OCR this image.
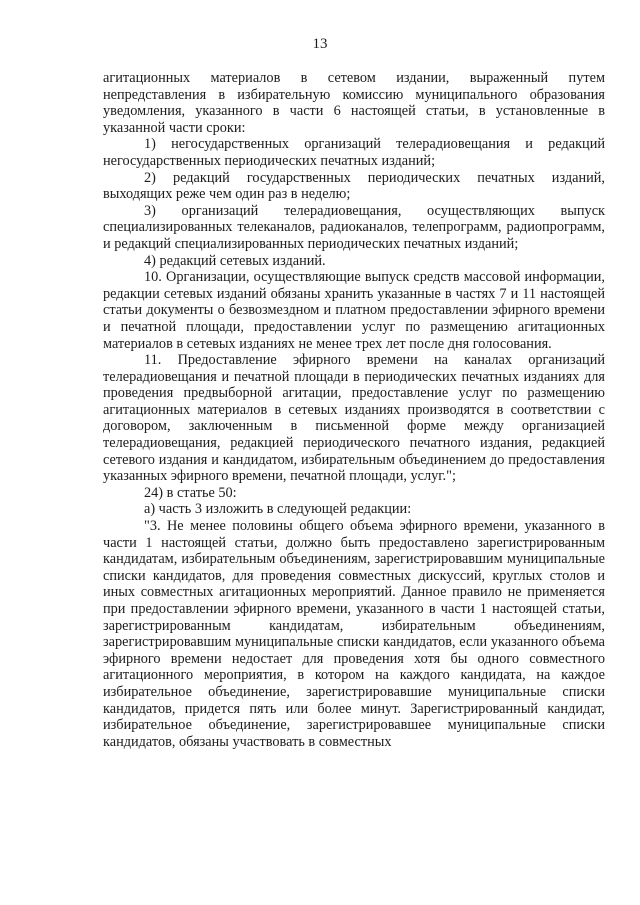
13

агитационных материалов в сетевом издании, выраженный путем непредставления в избирательную комиссию муниципального образования уведомления, указанного в части 6 настоящей статьи, в установленные в указанной части сроки:

1) негосударственных организаций телерадиовещания и редакций негосударственных периодических печатных изданий;

2) редакций государственных периодических печатных изданий, выходящих реже чем один раз в неделю;

3) организаций телерадиовещания, осуществляющих выпуск специализированных телеканалов, радиоканалов, телепрограмм, радиопрограмм, и редакций специализированных периодических печатных изданий;

4) редакций сетевых изданий.

10. Организации, осуществляющие выпуск средств массовой информации, редакции сетевых изданий обязаны хранить указанные в частях 7 и 11 настоящей статьи документы о безвозмездном и платном предоставлении эфирного времени и печатной площади, предоставлении услуг по размещению агитационных материалов в сетевых изданиях не менее трех лет после дня голосования.

11. Предоставление эфирного времени на каналах организаций телерадиовещания и печатной площади в периодических печатных изданиях для проведения предвыборной агитации, предоставление услуг по размещению агитационных материалов в сетевых изданиях производятся в соответствии с договором, заключенным в письменной форме между организацией телерадиовещания, редакцией периодического печатного издания, редакцией сетевого издания и кандидатом, избирательным объединением до предоставления указанных эфирного времени, печатной площади, услуг.";

24) в статье 50:

а) часть 3 изложить в следующей редакции:

"3. Не менее половины общего объема эфирного времени, указанного в части 1 настоящей статьи, должно быть предоставлено зарегистрированным кандидатам, избирательным объединениям, зарегистрировавшим муниципальные списки кандидатов, для проведения совместных дискуссий, круглых столов и иных совместных агитационных мероприятий. Данное правило не применяется при предоставлении эфирного времени, указанного в части 1 настоящей статьи, зарегистрированным кандидатам, избирательным объединениям, зарегистрировавшим муниципальные списки кандидатов, если указанного объема эфирного времени недостает для проведения хотя бы одного совместного агитационного мероприятия, в котором на каждого кандидата, на каждое избирательное объединение, зарегистрировавшие муниципальные списки кандидатов, придется пять или более минут. Зарегистрированный кандидат, избирательное объединение, зарегистрировавшее муниципальные списки кандидатов, обязаны участвовать в совместных
